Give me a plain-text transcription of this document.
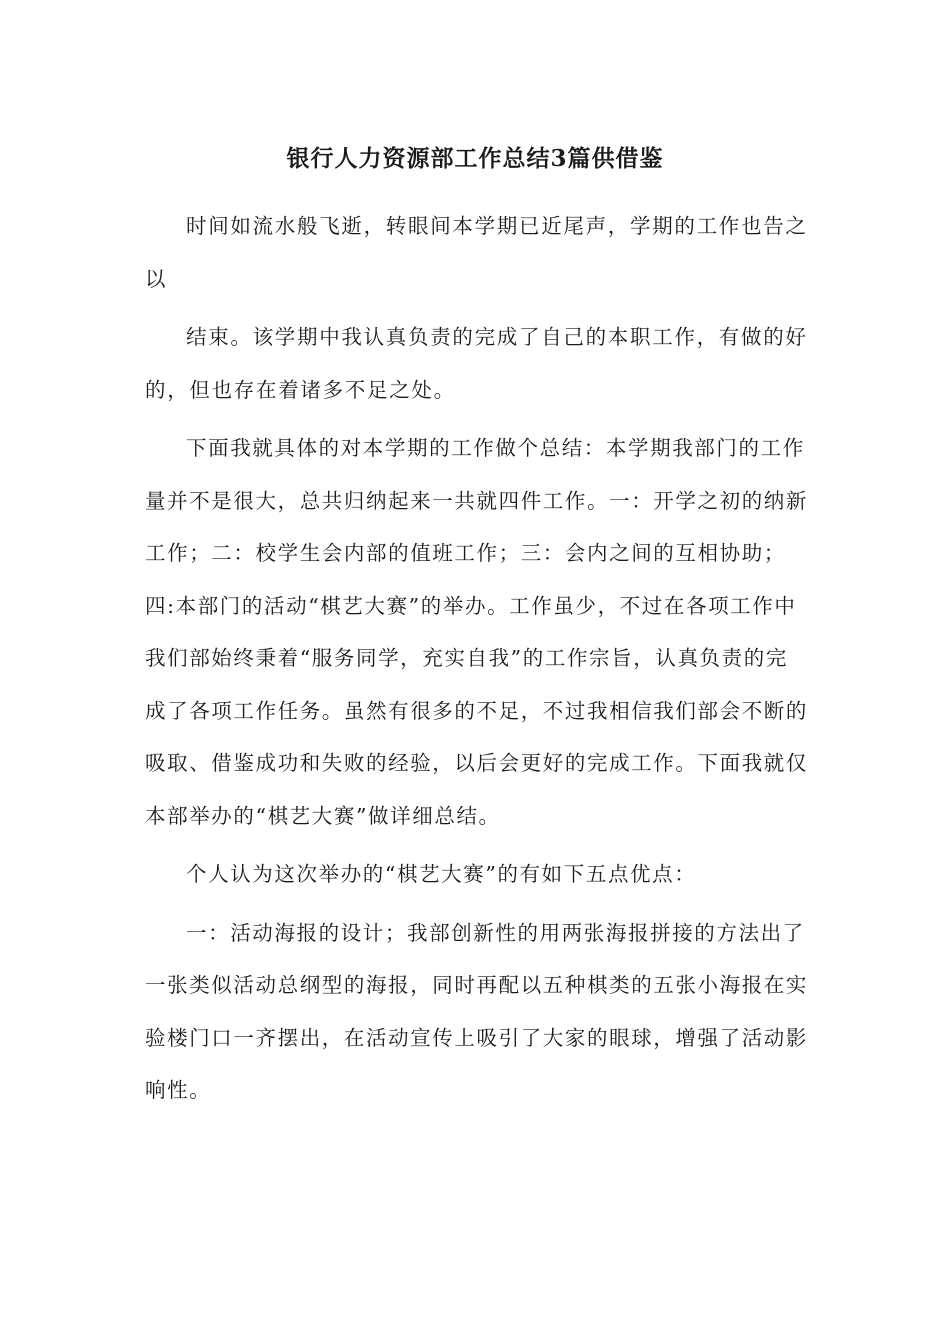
银行人力资源部工作总结3篇供借鉴

时间如流水般飞逝，转眼间本学期已近尾声，学期的工作也告之以

结束。该学期中我认真负责的完成了自己的本职工作，有做的好的，但也存在着诸多不足之处。

下面我就具体的对本学期的工作做个总结：本学期我部门的工作量并不是很大，总共归纳起来一共就四件工作。一：开学之初的纳新工作；二：校学生会内部的值班工作；三：会内之间的互相协助；四:本部门的活动“棋艺大赛”的举办。工作虽少，不过在各项工作中我们部始终秉着“服务同学，充实自我”的工作宗旨，认真负责的完成了各项工作任务。虽然有很多的不足，不过我相信我们部会不断的吸取、借鉴成功和失败的经验，以后会更好的完成工作。下面我就仅本部举办的“棋艺大赛”做详细总结。

个人认为这次举办的“棋艺大赛”的有如下五点优点：

一：活动海报的设计；我部创新性的用两张海报拼接的方法出了一张类似活动总纲型的海报，同时再配以五种棋类的五张小海报在实验楼门口一齐摆出，在活动宣传上吸引了大家的眼球，增强了活动影响性。
